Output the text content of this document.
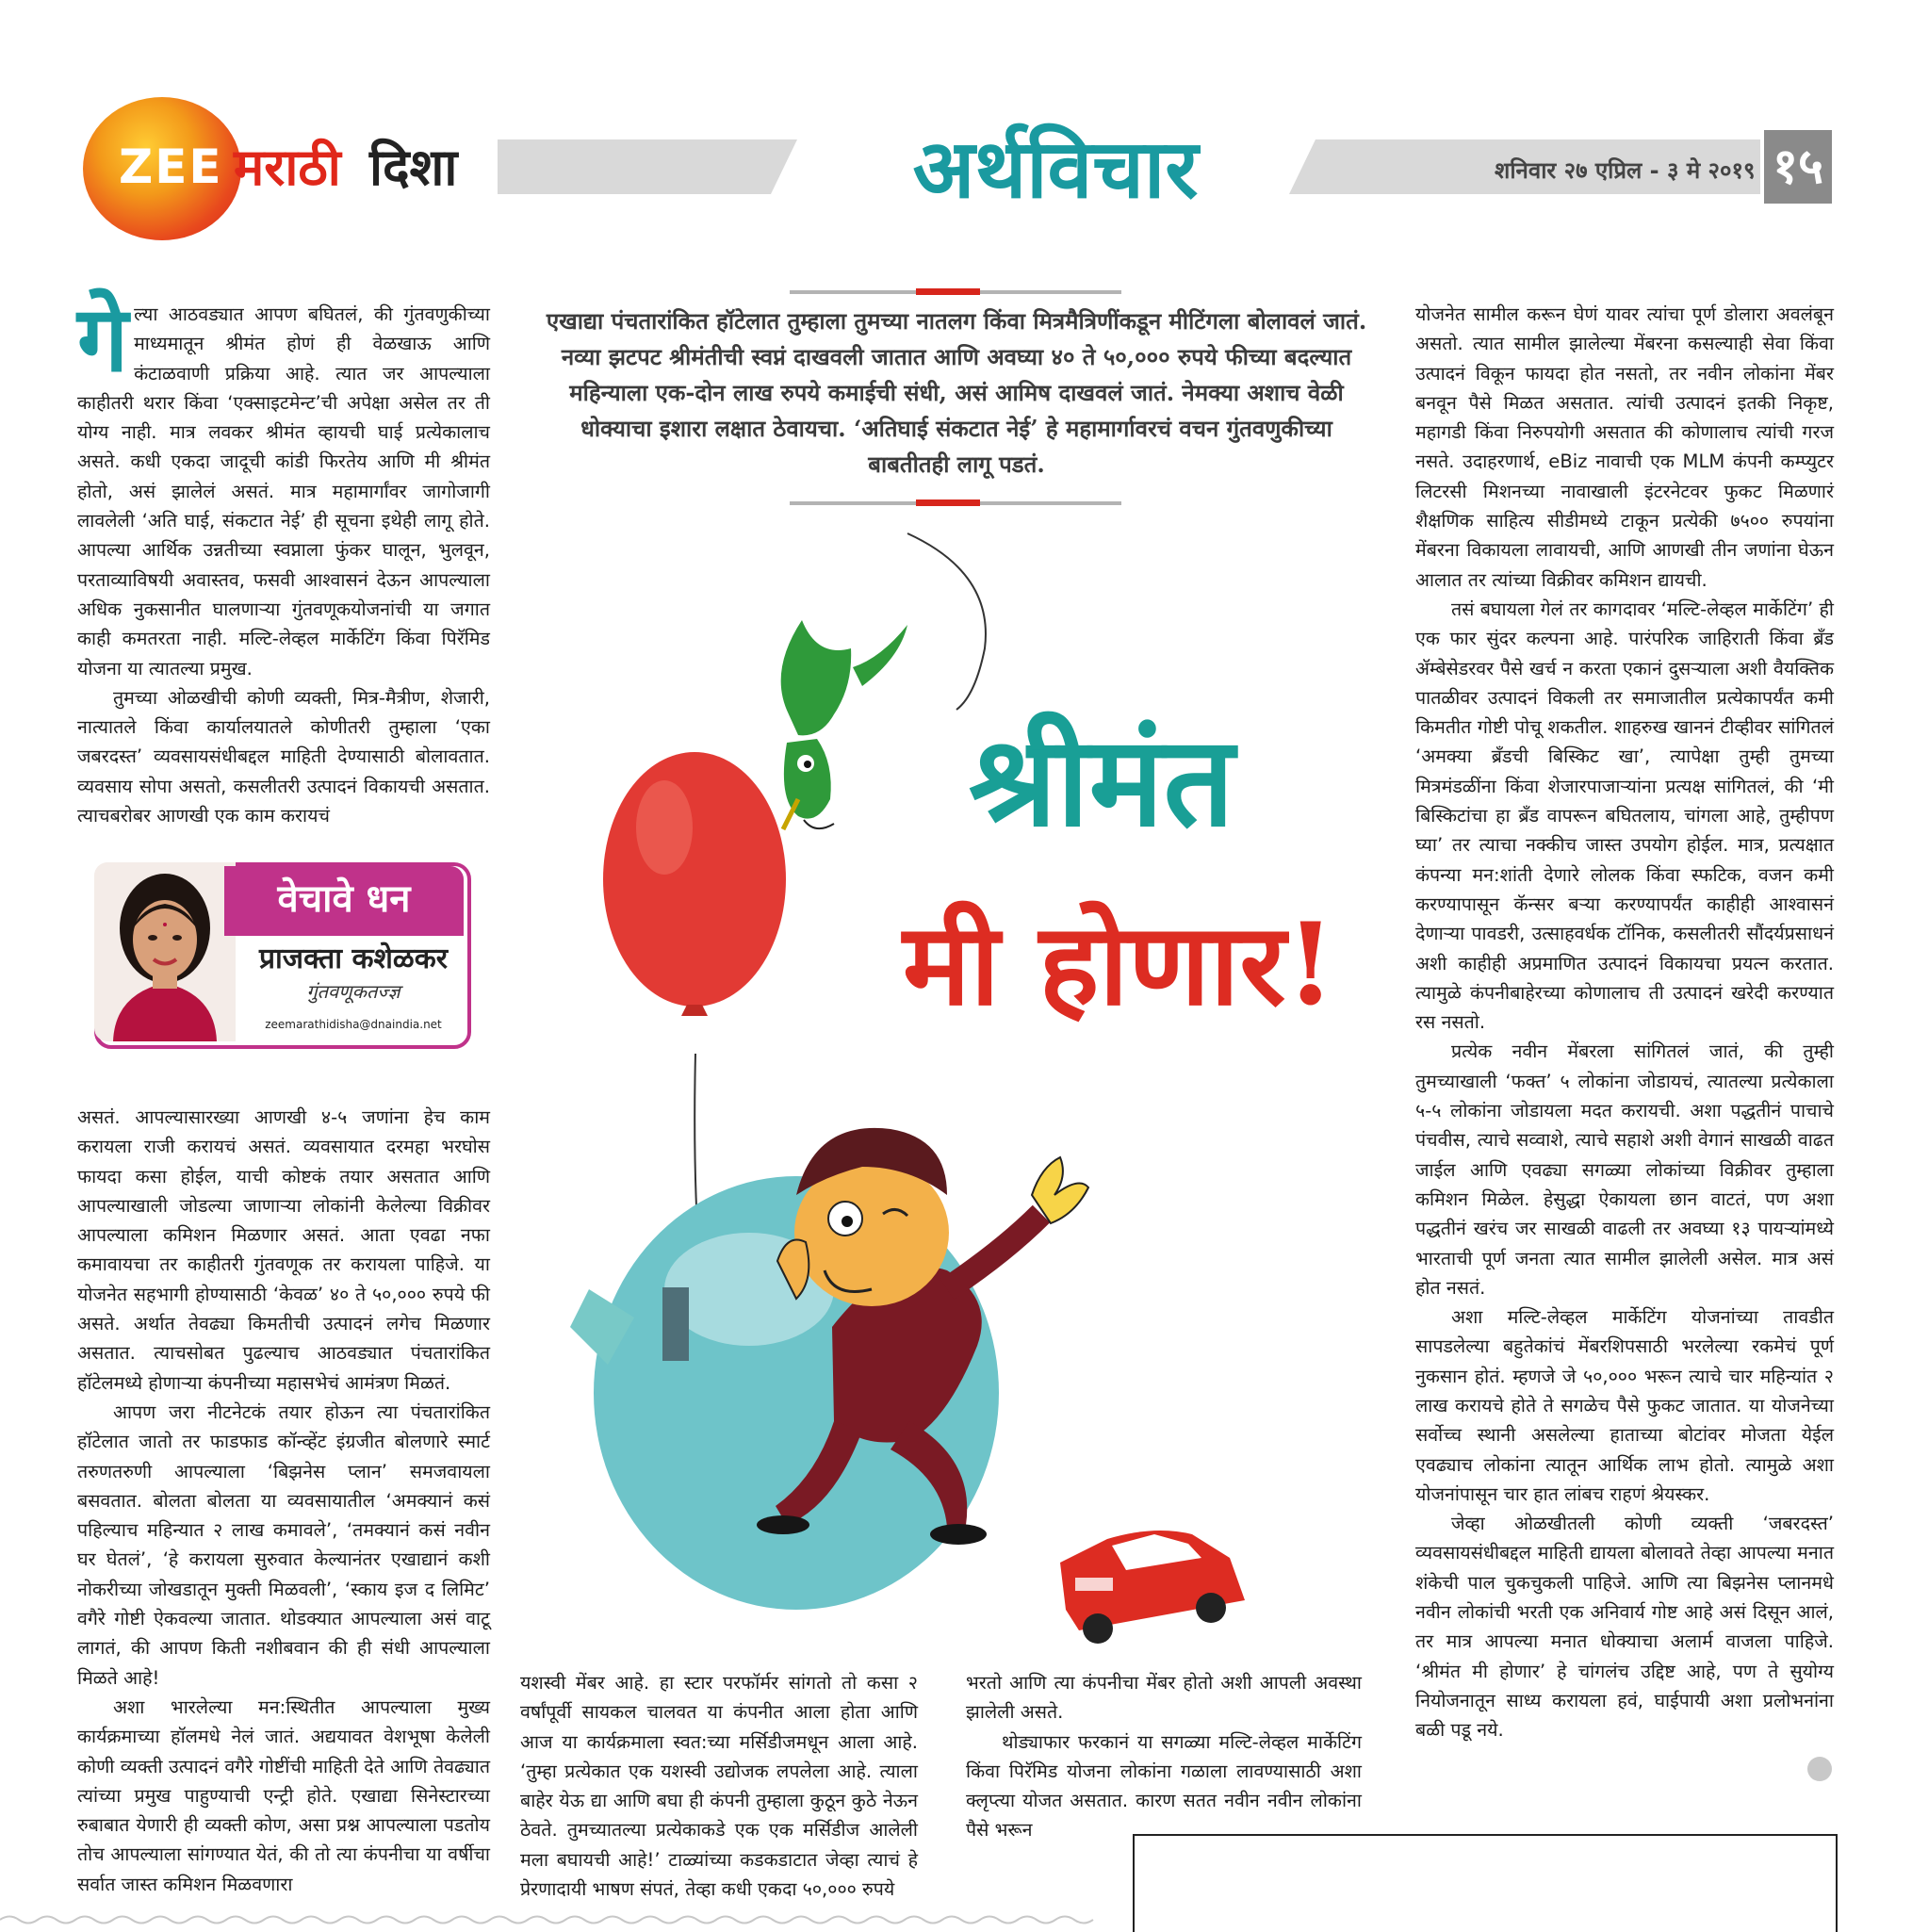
ZEE मराठी दिशा	अर्थविचार	शनिवार २७ एप्रिल - ३ मे २०१९ १५

गेल्या आठवड्यात आपण बघितलं, की गुंतवणुकीच्या माध्यमातून श्रीमंत होणं ही वेळखाऊ आणि कंटाळवाणी प्रक्रिया आहे. त्यात जर आपल्याला काहीतरी थरार किंवा ‘एक्साइटमेन्ट’ची अपेक्षा असेल तर ती योग्य नाही. मात्र लवकर श्रीमंत व्हायची घाई प्रत्येकालाच असते. कधी एकदा जादूची कांडी फिरतेय आणि मी श्रीमंत होतो, असं झालेलं असतं. मात्र महामार्गांवर जागोजागी लावलेली ‘अति घाई, संकटात नेई’ ही सूचना इथेही लागू होते. आपल्या आर्थिक उन्नतीच्या स्वप्नाला फुंकर घालून, भुलवून, परताव्याविषयी अवास्तव, फसवी आश्वासनं देऊन आपल्याला अधिक नुकसानीत घालणाऱ्या गुंतवणूकयोजनांची या जगात काही कमतरता नाही. मल्टि-लेव्हल मार्केटिंग किंवा पिरॅमिड योजना या त्यातल्या प्रमुख.

तुमच्या ओळखीची कोणी व्यक्ती, मित्र-मैत्रीण, शेजारी, नात्यातले किंवा कार्यालयातले कोणीतरी तुम्हाला ‘एका जबरदस्त’ व्यवसायसंधीबद्दल माहिती देण्यासाठी बोलावतात. व्यवसाय सोपा असतो, कसलीतरी उत्पादनं विकायची असतात. त्याचबरोबर आणखी एक काम करायचं

वेचावे धन
प्राजक्ता कशेळकर
गुंतवणूकतज्ज्ञ
zeemarathidisha@dnaindia.net

असतं. आपल्यासारख्या आणखी ४-५ जणांना हेच काम करायला राजी करायचं असतं. व्यवसायात दरमहा भरघोस फायदा कसा होईल, याची कोष्टकं तयार असतात आणि आपल्याखाली जोडल्या जाणाऱ्या लोकांनी केलेल्या विक्रीवर आपल्याला कमिशन मिळणार असतं. आता एवढा नफा कमावायचा तर काहीतरी गुंतवणूक तर करायला पाहिजे. या योजनेत सहभागी होण्यासाठी ‘केवळ’ ४० ते ५०,००० रुपये फी असते. अर्थात तेवढ्या किमतीची उत्पादनं लगेच मिळणार असतात. त्याचसोबत पुढल्याच आठवड्यात पंचतारांकित हॉटेलमध्ये होणाऱ्या कंपनीच्या महासभेचं आमंत्रण मिळतं.

आपण जरा नीटनेटकं तयार होऊन त्या पंचतारांकित हॉटेलात जातो तर फाडफाड कॉन्व्हेंट इंग्रजीत बोलणारे स्मार्ट तरुणतरुणी आपल्याला ‘बिझनेस प्लान’ समजवायला बसवतात. बोलता बोलता या व्यवसायातील ‘अमक्यानं कसं पहिल्याच महिन्यात २ लाख कमावले’, ‘तमक्यानं कसं नवीन घर घेतलं’, ‘हे करायला सुरुवात केल्यानंतर एखाद्यानं कशी नोकरीच्या जोखडातून मुक्ती मिळवली’, ‘स्काय इज द लिमिट’ वगैरे गोष्टी ऐकवल्या जातात. थोडक्यात आपल्याला असं वाटू लागतं, की आपण किती नशीबवान की ही संधी आपल्याला मिळते आहे!

अशा भारलेल्या मन:स्थितीत आपल्याला मुख्य कार्यक्रमाच्या हॉलमधे नेलं जातं. अद्ययावत वेशभूषा केलेली कोणी व्यक्ती उत्पादनं वगैरे गोष्टींची माहिती देते आणि तेवढ्यात त्यांच्या प्रमुख पाहुण्याची एन्ट्री होते. एखाद्या सिनेस्टारच्या रुबाबात येणारी ही व्यक्ती कोण, असा प्रश्न आपल्याला पडतोय तोच आपल्याला सांगण्यात येतं, की तो त्या कंपनीचा या वर्षीचा सर्वात जास्त कमिशन मिळवणारा

एखाद्या पंचतारांकित हॉटेलात तुम्हाला तुमच्या नातलग किंवा मित्रमैत्रिणींकडून मीटिंगला बोलावलं जातं. नव्या झटपट श्रीमंतीची स्वप्नं दाखवली जातात आणि अवघ्या ४० ते ५०,००० रुपये फीच्या बदल्यात महिन्याला एक-दोन लाख रुपये कमाईची संधी, असं आमिष दाखवलं जातं. नेमक्या अशाच वेळी धोक्याचा इशारा लक्षात ठेवायचा. ‘अतिघाई संकटात नेई’ हे महामार्गावरचं वचन गुंतवणुकीच्या बाबतीतही लागू पडतं.
श्रीमंत
मी होणार!

यशस्वी मेंबर आहे. हा स्टार परफॉर्मर सांगतो तो कसा २ वर्षांपूर्वी सायकल चालवत या कंपनीत आला होता आणि आज या कार्यक्रमाला स्वत:च्या मर्सिडीजमधून आला आहे. ‘तुम्हा प्रत्येकात एक यशस्वी उद्योजक लपलेला आहे. त्याला बाहेर येऊ द्या आणि बघा ही कंपनी तुम्हाला कुठून कुठे नेऊन ठेवते. तुमच्यातल्या प्रत्येकाकडे एक एक मर्सिडीज आलेली मला बघायची आहे!’ टाळ्यांच्या कडकडाटात जेव्हा त्याचं हे प्रेरणादायी भाषण संपतं, तेव्हा कधी एकदा ५०,००० रुपये

भरतो आणि त्या कंपनीचा मेंबर होतो अशी आपली अवस्था झालेली असते.

थोड्याफार फरकानं या सगळ्या मल्टि-लेव्हल मार्केटिंग किंवा पिरॅमिड योजना लोकांना गळाला लावण्यासाठी अशा क्लृप्त्या योजत असतात. कारण सतत नवीन नवीन लोकांना पैसे भरून

योजनेत सामील करून घेणं यावर त्यांचा पूर्ण डोलारा अवलंबून असतो. त्यात सामील झालेल्या मेंबरना कसल्याही सेवा किंवा उत्पादनं विकून फायदा होत नसतो, तर नवीन लोकांना मेंबर बनवून पैसे मिळत असतात. त्यांची उत्पादनं इतकी निकृष्ट, महागडी किंवा निरुपयोगी असतात की कोणालाच त्यांची गरज नसते. उदाहरणार्थ, eBiz नावाची एक MLM कंपनी कम्प्युटर लिटरसी मिशनच्या नावाखाली इंटरनेटवर फुकट मिळणारं शैक्षणिक साहित्य सीडीमध्ये टाकून प्रत्येकी ७५०० रुपयांना मेंबरना विकायला लावायची, आणि आणखी तीन जणांना घेऊन आलात तर त्यांच्या विक्रीवर कमिशन द्यायची.

तसं बघायला गेलं तर कागदावर ‘मल्टि-लेव्हल मार्केटिंग’ ही एक फार सुंदर कल्पना आहे. पारंपरिक जाहिराती किंवा ब्रँड ॲम्बेसेडरवर पैसे खर्च न करता एकानं दुसऱ्याला अशी वैयक्तिक पातळीवर उत्पादनं विकली तर समाजातील प्रत्येकापर्यंत कमी किमतीत गोष्टी पोचू शकतील. शाहरुख खाननं टीव्हीवर सांगितलं ‘अमक्या ब्रँडची बिस्किट खा’, त्यापेक्षा तुम्ही तुमच्या मित्रमंडळींना किंवा शेजारपाजाऱ्यांना प्रत्यक्ष सांगितलं, की ‘मी बिस्किटांचा हा ब्रँड वापरून बघितलाय, चांगला आहे, तुम्हीपण घ्या’ तर त्याचा नक्कीच जास्त उपयोग होईल. मात्र, प्रत्यक्षात कंपन्या मन:शांती देणारे लोलक किंवा स्फटिक, वजन कमी करण्यापासून कॅन्सर बऱ्या करण्यापर्यंत काहीही आश्वासनं देणाऱ्या पावडरी, उत्साहवर्धक टॉनिक, कसलीतरी सौंदर्यप्रसाधनं अशी काहीही अप्रमाणित उत्पादनं विकायचा प्रयत्न करतात. त्यामुळे कंपनीबाहेरच्या कोणालाच ती उत्पादनं खरेदी करण्यात रस नसतो.

प्रत्येक नवीन मेंबरला सांगितलं जातं, की तुम्ही तुमच्याखाली ‘फक्त’ ५ लोकांना जोडायचं, त्यातल्या प्रत्येकाला ५-५ लोकांना जोडायला मदत करायची. अशा पद्धतीनं पाचाचे पंचवीस, त्याचे सव्वाशे, त्याचे सहाशे अशी वेगानं साखळी वाढत जाईल आणि एवढ्या सगळ्या लोकांच्या विक्रीवर तुम्हाला कमिशन मिळेल. हेसुद्धा ऐकायला छान वाटतं, पण अशा पद्धतीनं खरंच जर साखळी वाढली तर अवघ्या १३ पायऱ्यांमध्ये भारताची पूर्ण जनता त्यात सामील झालेली असेल. मात्र असं होत नसतं.

अशा मल्टि-लेव्हल मार्केटिंग योजनांच्या तावडीत सापडलेल्या बहुतेकांचं मेंबरशिपसाठी भरलेल्या रकमेचं पूर्ण नुकसान होतं. म्हणजे जे ५०,००० भरून त्याचे चार महिन्यांत २ लाख करायचे होते ते सगळेच पैसे फुकट जातात. या योजनेच्या सर्वोच्च स्थानी असलेल्या हाताच्या बोटांवर मोजता येईल एवढ्याच लोकांना त्यातून आर्थिक लाभ होतो. त्यामुळे अशा योजनांपासून चार हात लांबच राहणं श्रेयस्कर.

जेव्हा ओळखीतली कोणी व्यक्ती ‘जबरदस्त’ व्यवसायसंधीबद्दल माहिती द्यायला बोलावते तेव्हा आपल्या मनात शंकेची पाल चुकचुकली पाहिजे. आणि त्या बिझनेस प्लानमधे नवीन लोकांची भरती एक अनिवार्य गोष्ट आहे असं दिसून आलं, तर मात्र आपल्या मनात धोक्याचा अलार्म वाजला पाहिजे. ‘श्रीमंत मी होणार’ हे चांगलंच उद्दिष्ट आहे, पण ते सुयोग्य नियोजनातून साध्य करायला हवं, घाईपायी अशा प्रलोभनांना बळी पडू नये.
